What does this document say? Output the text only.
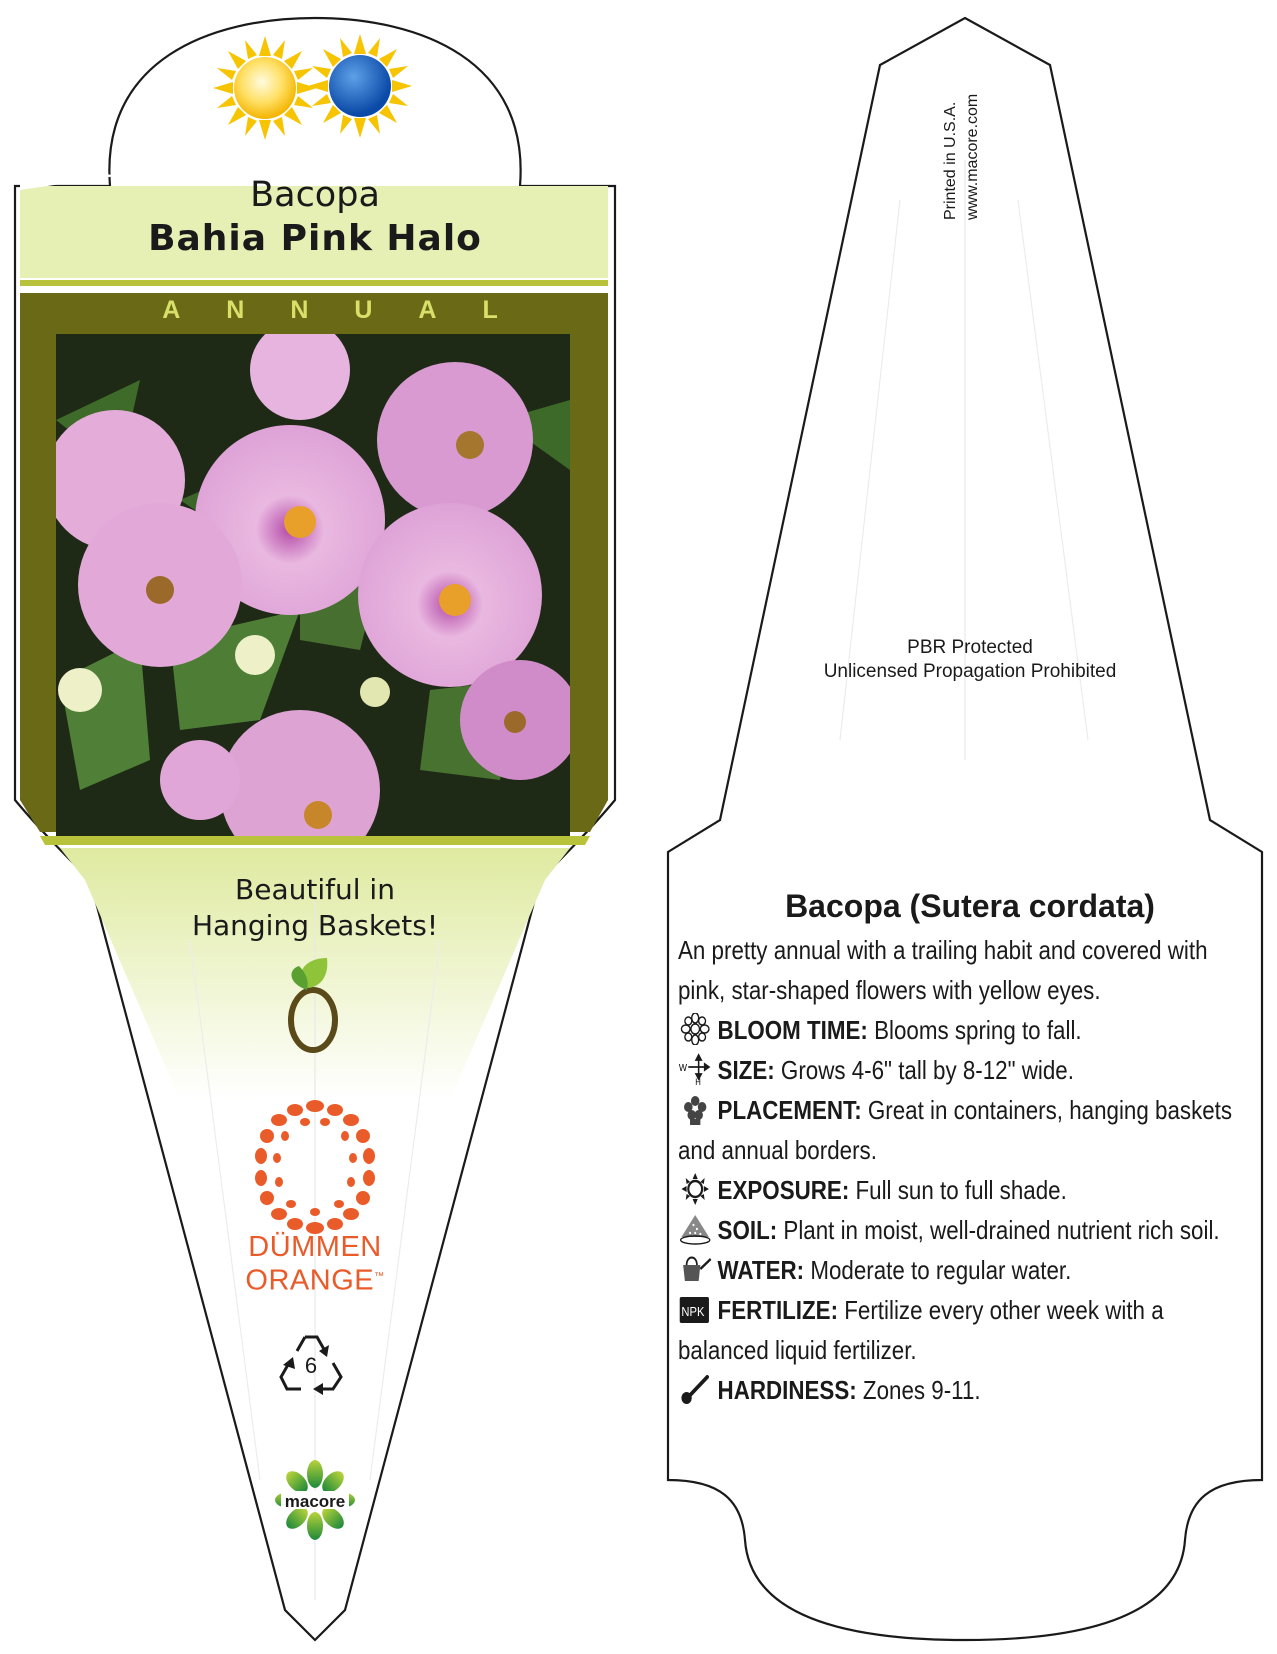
Bacopa
Bahia Pink Halo
ANNUAL
Beautiful in
Hanging Baskets!
DÜMMEN
ORANGE™
6
macore
Printed in U.S.A. www.macore.com
PBR Protected
Unlicensed Propagation Prohibited
Bacopa (Sutera cordata)

An pretty annual with a trailing habit and covered with pink, star-shaped flowers with yellow eyes.

BLOOM TIME: Blooms spring to fall.

W
H SIZE: Grows 4-6" tall by 8-12" wide.

PLACEMENT: Great in containers, hanging baskets and annual borders.

EXPOSURE: Full sun to full shade.

SOIL: Plant in moist, well-drained nutrient rich soil.

WATER: Moderate to regular water.

NPK FERTILIZE: Fertilize every other week with a balanced liquid fertilizer.

HARDINESS: Zones 9-11.
